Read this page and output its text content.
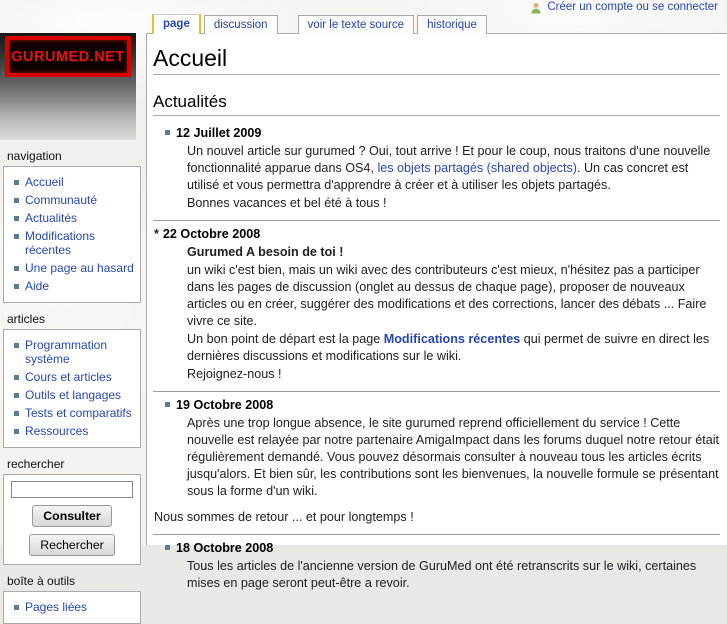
Créer un compte ou se connecter
page	discussion	voir le texte source	historique
GURUMED.NET
navigation
Accueil
Communauté
Actualités
Modifications récentes
Une page au hasard
Aide
articles
Programmation système
Cours et articles
Outils et langages
Tests et comparatifs
Ressources
rechercher
Consulter
Rechercher
boîte à outils
Pages liées
Accueil
Actualités
12 Juillet 2009
Un nouvel article sur gurumed ? Oui, tout arrive ! Et pour le coup, nous traitons d'une nouvelle fonctionnalité apparue dans OS4, les objets partagés (shared objects). Un cas concret est utilisé et vous permettra d'apprendre à créer et à utiliser les objets partagés.
Bonnes vacances et bel été à tous !
* 22 Octobre 2008
Gurumed A besoin de toi !
un wiki c'est bien, mais un wiki avec des contributeurs c'est mieux, n'hésitez pas a participer dans les pages de discussion (onglet au dessus de chaque page), proposer de nouveaux articles ou en créer, suggérer des modifications et des corrections, lancer des débats ... Faire vivre ce site.
Un bon point de départ est la page Modifications récentes qui permet de suivre en direct les dernières discussions et modifications sur le wiki.
Rejoignez-nous !
19 Octobre 2008
Après une trop longue absence, le site gurumed reprend officiellement du service ! Cette nouvelle est relayée par notre partenaire AmigaImpact dans les forums duquel notre retour était régulièrement demandé. Vous pouvez désormais consulter à nouveau tous les articles écrits jusqu'alors. Et bien sûr, les contributions sont les bienvenues, la nouvelle formule se présentant sous la forme d'un wiki.
Nous sommes de retour ... et pour longtemps !
18 Octobre 2008
Tous les articles de l'ancienne version de GuruMed ont été retranscrits sur le wiki, certaines mises en page seront peut-être a revoir.
